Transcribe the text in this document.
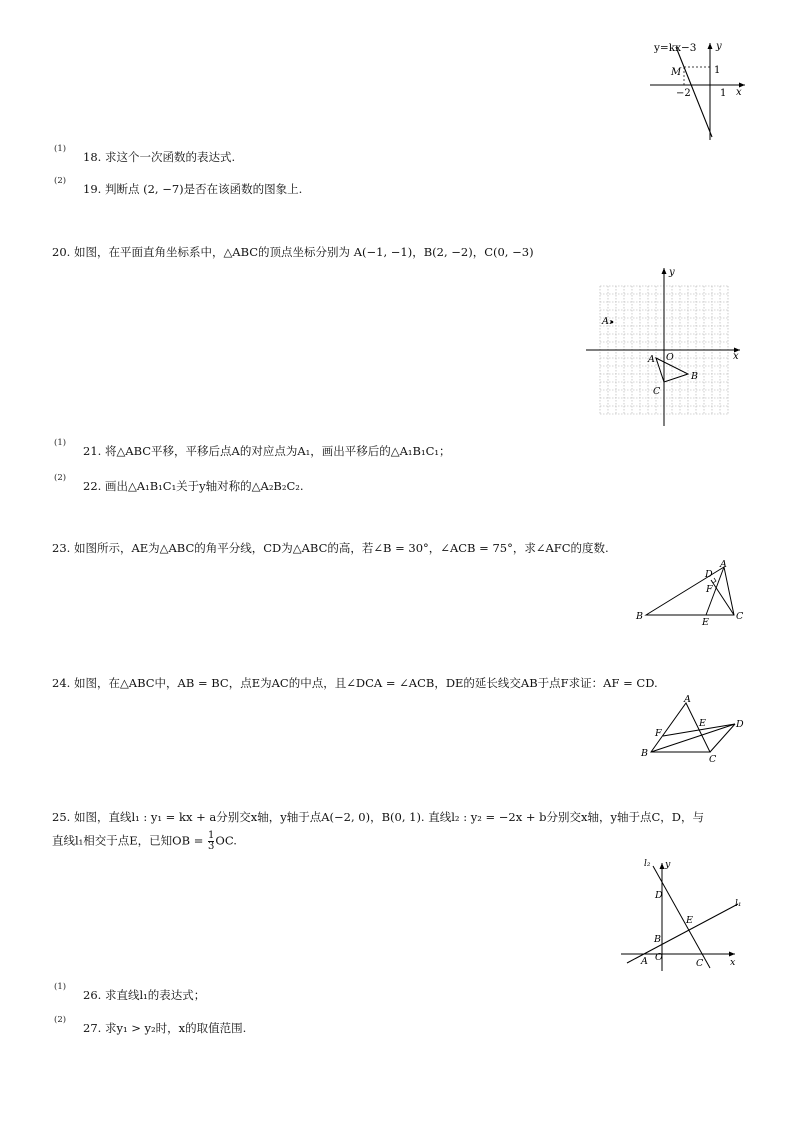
y=kx−3 y
x
M	1
−2	1
(1)
18. 求这个一次函数的表达式.
(2)
19. 判断点 (2, −7)是否在该函数的图象上.
20. 如图，在平面直角坐标系中，△ABC的顶点坐标分别为 A(−1, −1)，B(2, −2)，C(0, −3)
y
x
A₁
A O
B
C
(1)
21. 将△ABC平移，平移后点A的对应点为A₁，画出平移后的△A₁B₁C₁；
(2)
22. 画出△A₁B₁C₁关于y轴对称的△A₂B₂C₂.
23. 如图所示，AE为△ABC的角平分线，CD为△ABC的高，若∠B = 30°，∠ACB = 75°，求∠AFC的度数.
D
A
F
B
E
C
24. 如图，在△ABC中，AB = BC，点E为AC的中点，且∠DCA = ∠ACB，DE的延长线交AB于点F求证：AF = CD.
A
F
E	D
B
C
25. 如图，直线l₁ : y₁ = kx + a分别交x轴，y轴于点A(−2, 0)，B(0, 1). 直线l₂ : y₂ = −2x + b分别交x轴，y轴于点C，D，与
直线l₁相交于点E，已知OB = $\frac{1}{3}$ OC.
l₂ y
D
l₁
E
B
A O
C	x
(1)
26. 求直线l₁的表达式；
(2)
27. 求y₁ > y₂时，x的取值范围.
